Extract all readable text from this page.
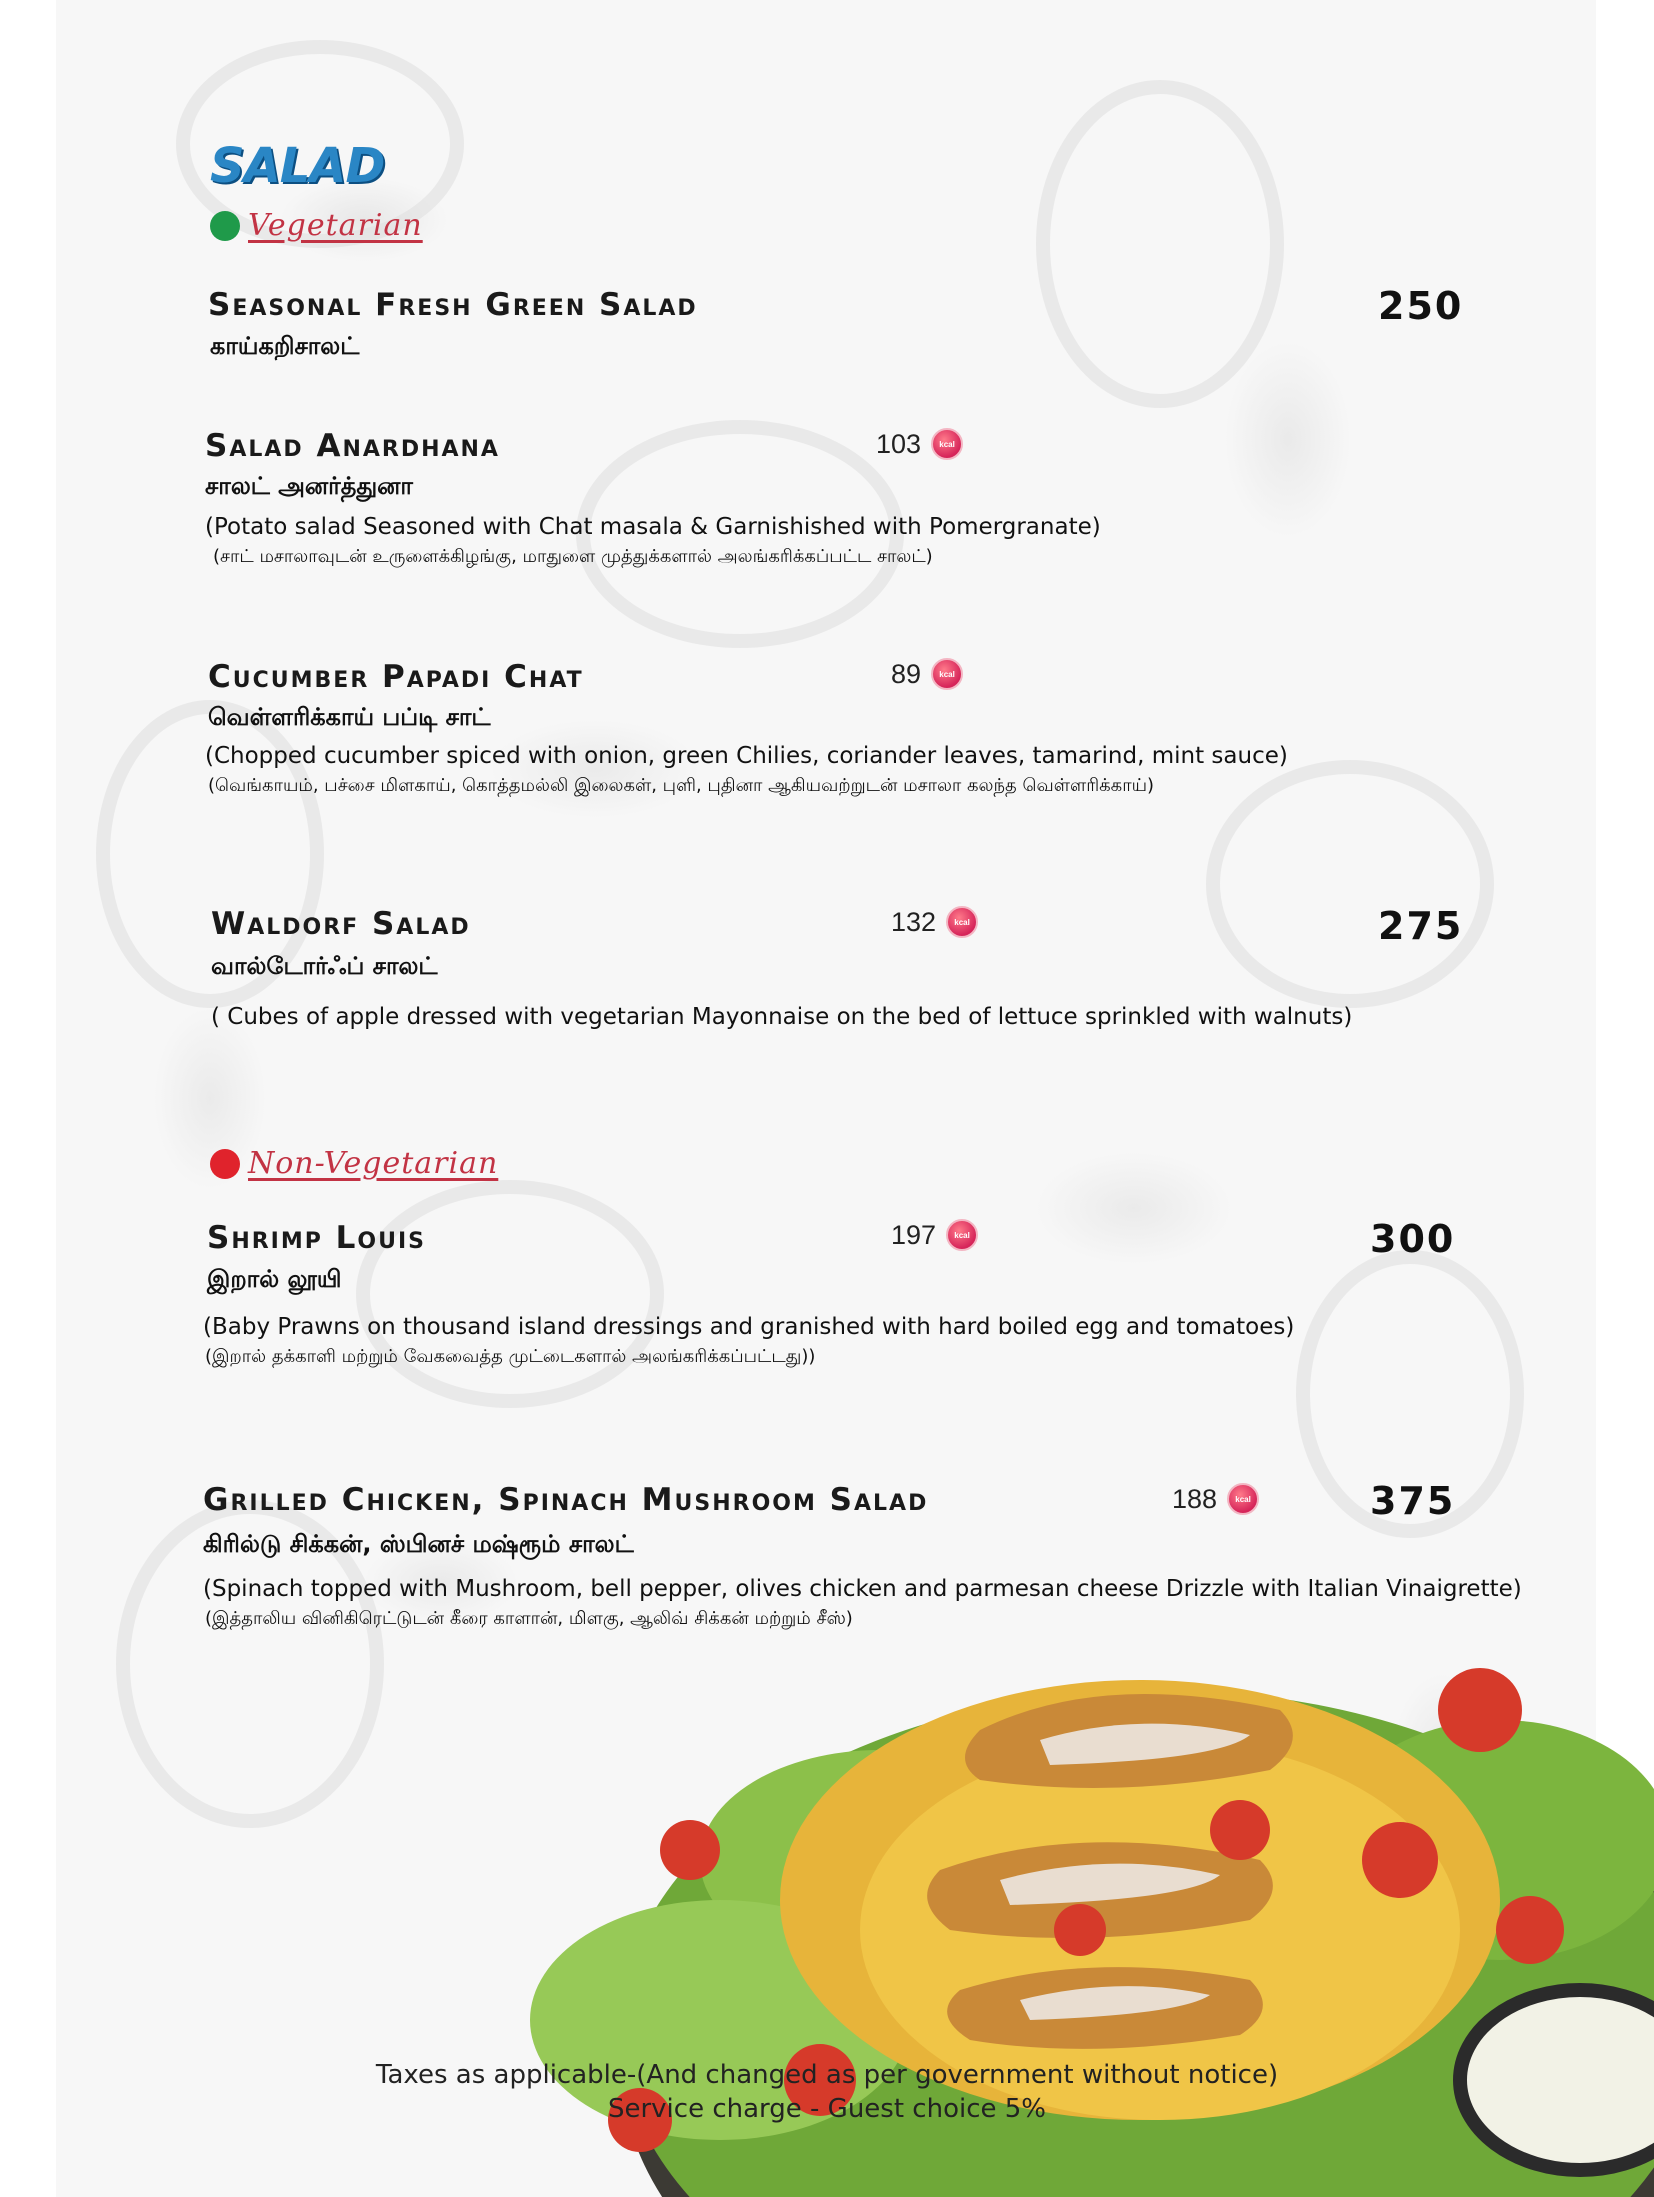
SALAD
Vegetarian
Seasonal Fresh Green Salad
காய்கறிசாலட்
250
Salad Anardhana
சாலட் அனர்த்துனா
103	kcal
(Potato salad Seasoned with Chat masala & Garnishished with Pomergranate)
(சாட் மசாலாவுடன் உருளைக்கிழங்கு, மாதுளை முத்துக்களால் அலங்கரிக்கப்பட்ட சாலட்)
Cucumber Papadi Chat
வெள்ளரிக்காய் பப்டி சாட்
89	kcal
(Chopped cucumber spiced with onion, green Chilies, coriander leaves, tamarind, mint sauce)
(வெங்காயம், பச்சை மிளகாய், கொத்தமல்லி இலைகள், புளி, புதினா ஆகியவற்றுடன் மசாலா கலந்த வெள்ளரிக்காய்)
Waldorf Salad
வால்டோர்ஃப் சாலட்
132	kcal	275
( Cubes of apple dressed with vegetarian Mayonnaise on the bed of lettuce sprinkled with walnuts)
Non-Vegetarian
Shrimp Louis
இறால் லூயி
197	kcal	300
(Baby Prawns on thousand island dressings and granished with hard boiled egg and tomatoes)
(இறால் தக்காளி மற்றும் வேகவைத்த முட்டைகளால் அலங்கரிக்கப்பட்டது))
Grilled Chicken, Spinach Mushroom Salad
கிரில்டு சிக்கன், ஸ்பினச் மஷ்ரூம் சாலட்
188	kcal	375
(Spinach topped with Mushroom, bell pepper, olives chicken and parmesan cheese Drizzle with Italian Vinaigrette)
(இத்தாலிய வினிகிரெட்டுடன் கீரை காளான், மிளகு, ஆலிவ் சிக்கன் மற்றும் சீஸ்)
Taxes as applicable-(And changed as per government without notice)
Service charge - Guest choice 5%
